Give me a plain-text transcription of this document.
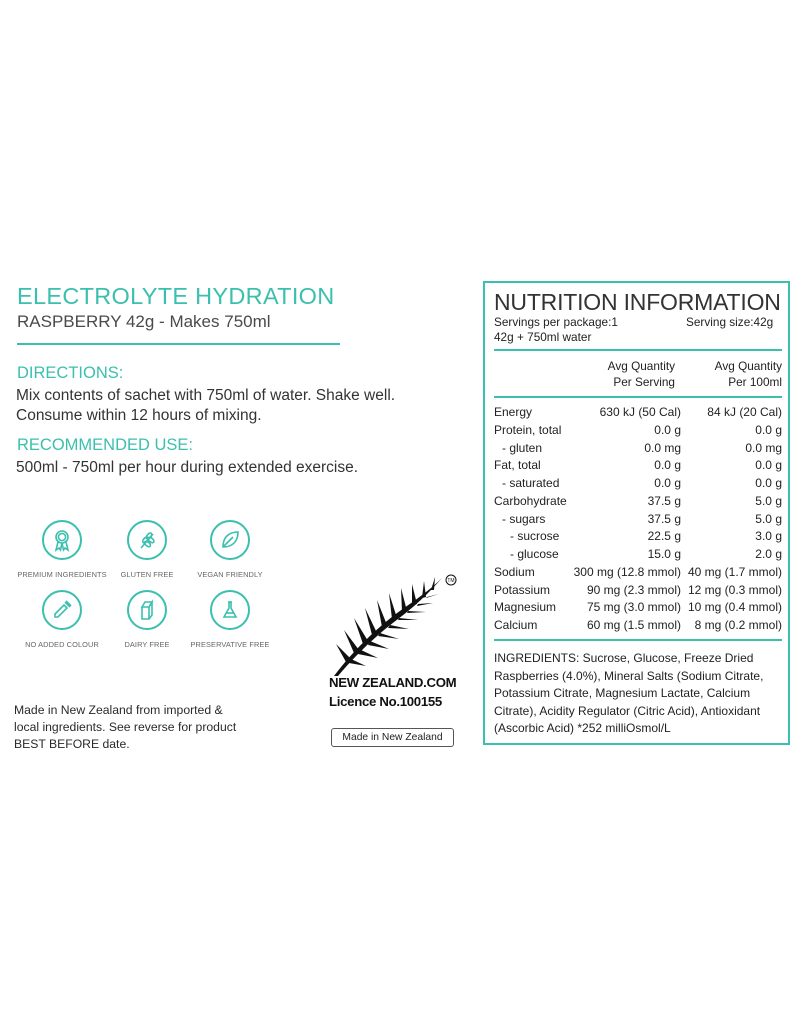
ELECTROLYTE HYDRATION
RASPBERRY 42g - Makes 750ml
DIRECTIONS:
Mix contents of sachet with 750ml of water. Shake well.
Consume within 12 hours of mixing.
RECOMMENDED USE:
500ml - 750ml per hour during extended exercise.
PREMIUM INGREDIENTS	GLUTEN FREE	VEGAN FRIENDLY
NO ADDED COLOUR	DAIRY FREE	PRESERVATIVE FREE
Made in New Zealand from imported &
local ingredients. See reverse for product
BEST BEFORE date.
TM
NEW ZEALAND.COM
Licence No.100155
Made in New Zealand
NUTRITION INFORMATION
Servings per package:1	Serving size:42g
42g + 750ml water
Avg Quantity
Per Serving
Avg Quantity
Per 100ml
Energy	630 kJ (50 Cal) 84 kJ (20 Cal)
Protein, total	0.0 g	0.0 g
- gluten	0.0 mg	0.0 mg
Fat, total	0.0 g	0.0 g
- saturated	0.0 g	0.0 g
Carbohydrate	37.5 g	5.0 g
- sugars	37.5 g	5.0 g
- sucrose	22.5 g	3.0 g
- glucose	15.0 g	2.0 g
Sodium	300 mg (12.8 mmol) 40 mg (1.7 mmol)
Potassium	90 mg (2.3 mmol) 12 mg (0.3 mmol)
Magnesium	75 mg (3.0 mmol) 10 mg (0.4 mmol)
Calcium	60 mg (1.5 mmol) 8 mg (0.2 mmol)
INGREDIENTS: Sucrose, Glucose, Freeze Dried
Raspberries (4.0%), Mineral Salts (Sodium Citrate,
Potassium Citrate, Magnesium Lactate, Calcium
Citrate), Acidity Regulator (Citric Acid), Antioxidant
(Ascorbic Acid) *252 milliOsmol/L
